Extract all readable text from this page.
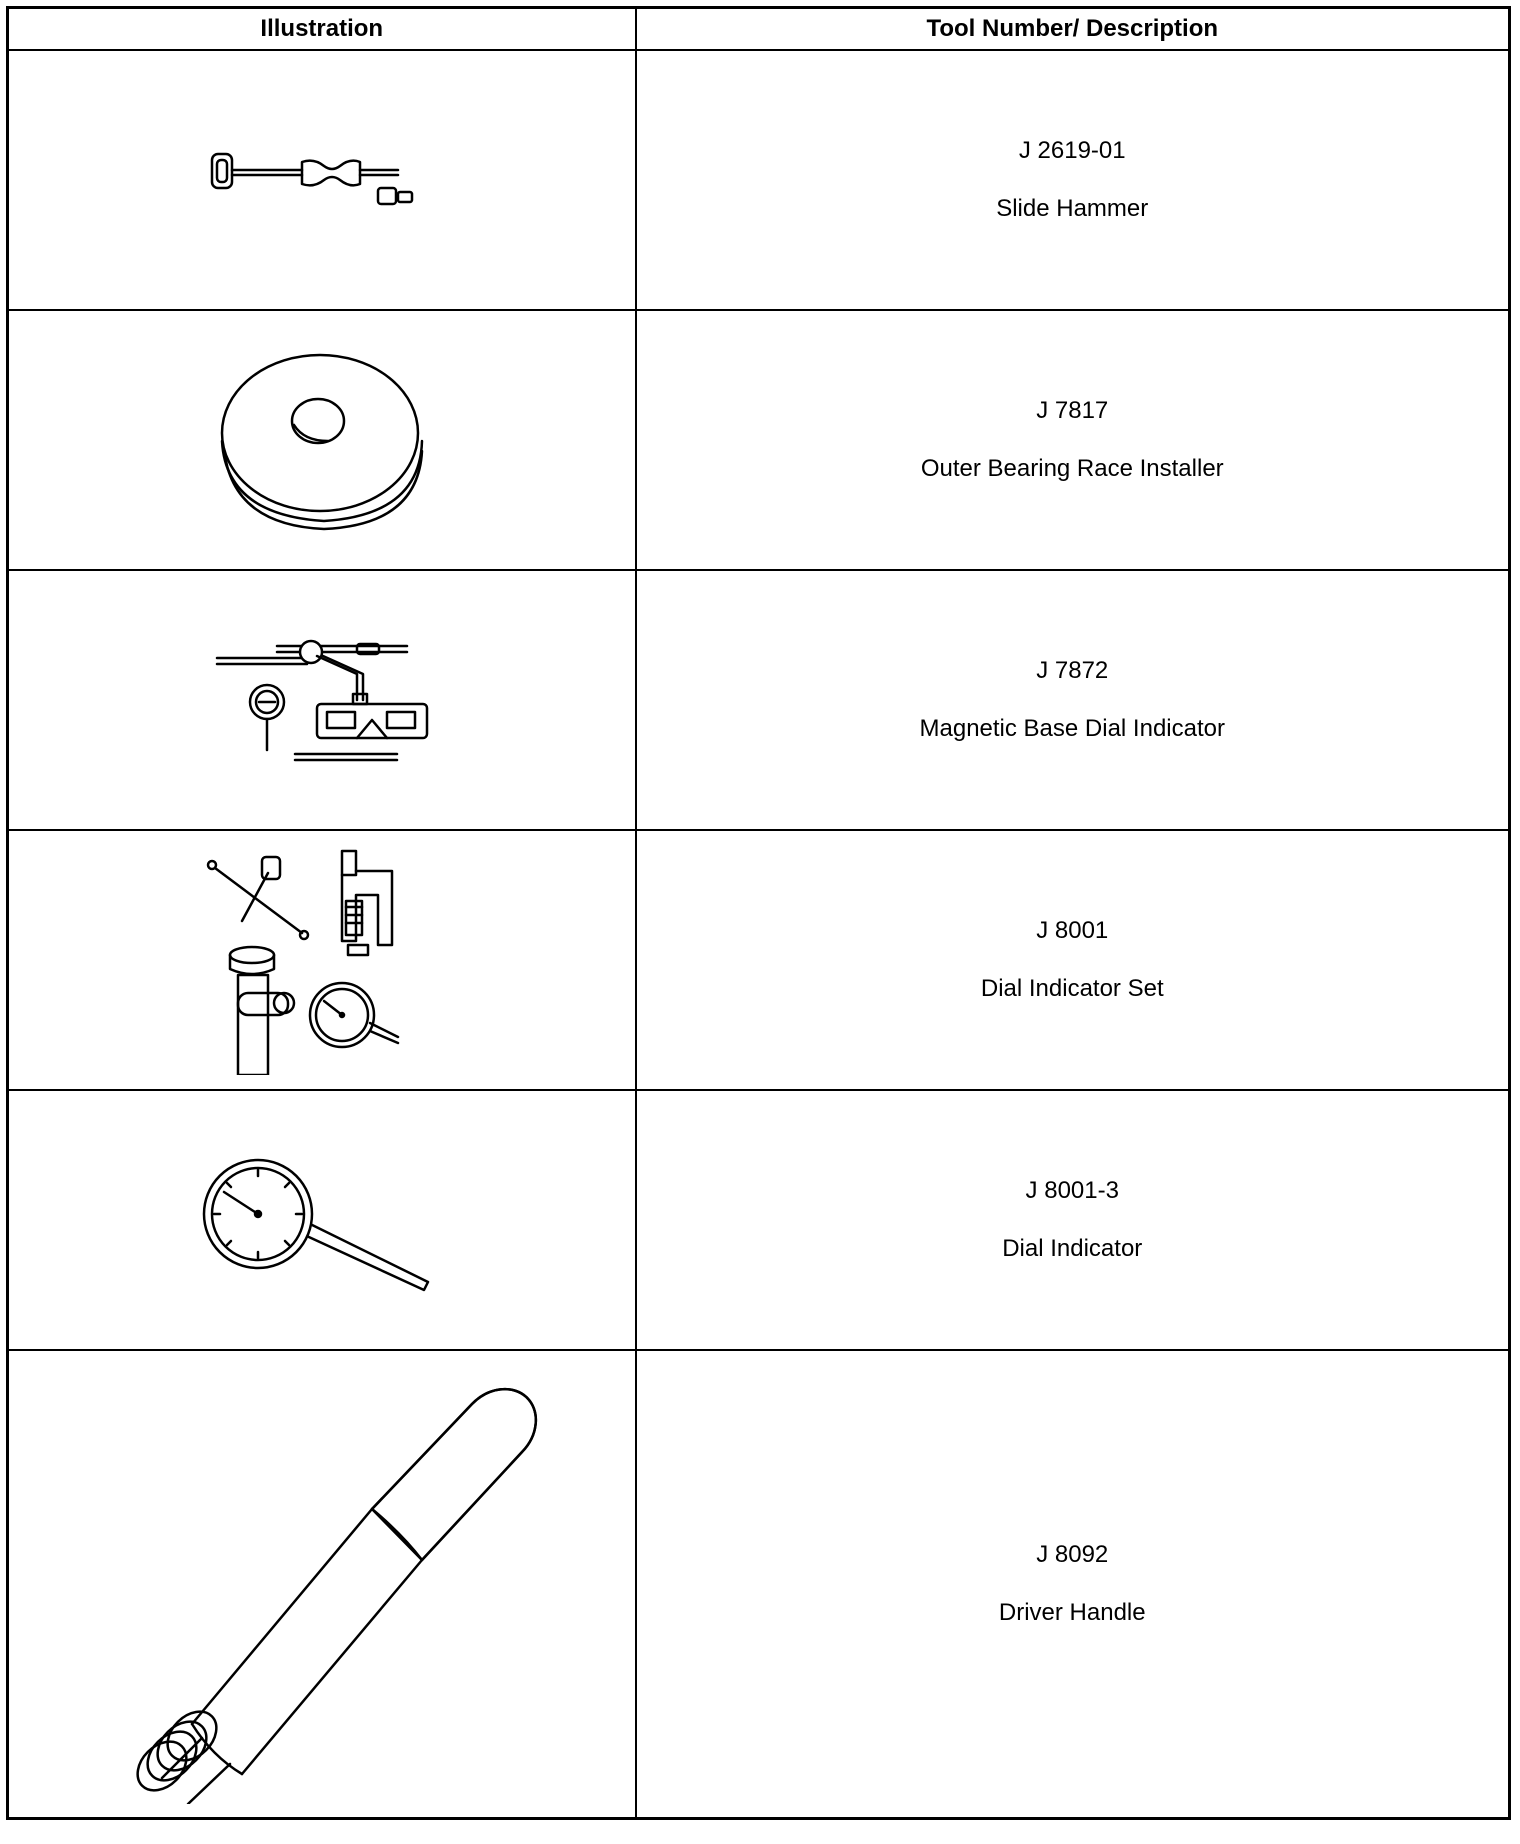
Illustration	Tool Number/ Description

J 2619-01
Slide Hammer

J 7817
Outer Bearing Race Installer

J 7872
Magnetic Base Dial Indicator

J 8001
Dial Indicator Set

J 8001-3
Dial Indicator

J 8092
Driver Handle
